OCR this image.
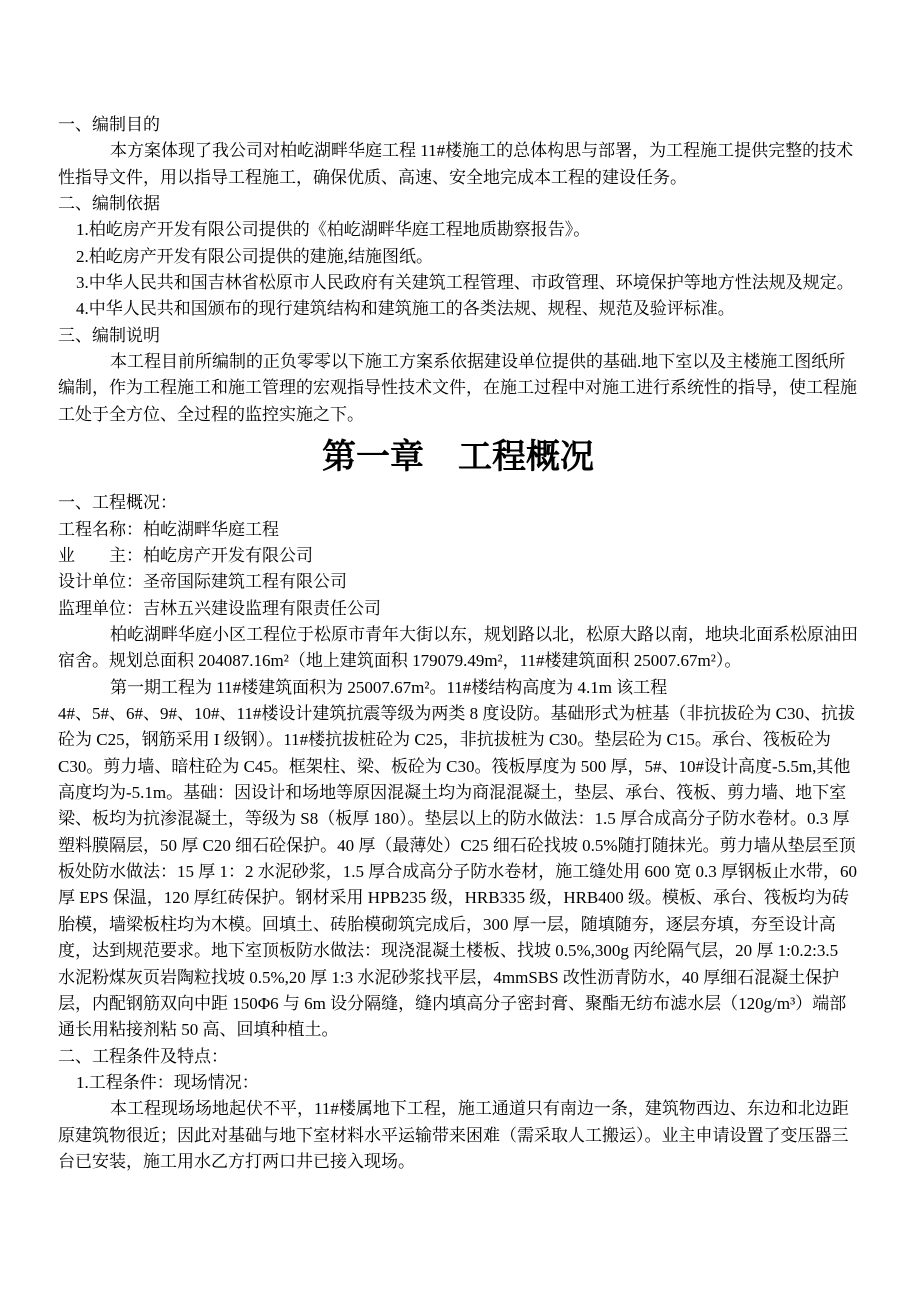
一、编制目的

本方案体现了我公司对柏屹湖畔华庭工程 11#楼施工的总体构思与部署，为工程施工提供完整的技术性指导文件，用以指导工程施工，确保优质、高速、安全地完成本工程的建设任务。

二、编制依据

1.柏屹房产开发有限公司提供的《柏屹湖畔华庭工程地质勘察报告》。

2.柏屹房产开发有限公司提供的建施,结施图纸。

3.中华人民共和国吉林省松原市人民政府有关建筑工程管理、市政管理、环境保护等地方性法规及规定。

4.中华人民共和国颁布的现行建筑结构和建筑施工的各类法规、规程、规范及验评标准。

三、编制说明

本工程目前所编制的正负零零以下施工方案系依据建设单位提供的基础.地下室以及主楼施工图纸所编制，作为工程施工和施工管理的宏观指导性技术文件，在施工过程中对施工进行系统性的指导，使工程施工处于全方位、全过程的监控实施之下。

第一章　工程概况

一、工程概况：

工程名称：柏屹湖畔华庭工程

业　　主：柏屹房产开发有限公司

设计单位：圣帝国际建筑工程有限公司

监理单位：吉林五兴建设监理有限责任公司

柏屹湖畔华庭小区工程位于松原市青年大街以东，规划路以北，松原大路以南，地块北面系松原油田宿舍。规划总面积 204087.16m²（地上建筑面积 179079.49m²，11#楼建筑面积 25007.67m²）。

第一期工程为 11#楼建筑面积为 25007.67m²。11#楼结构高度为 4.1m 该工程

4#、5#、6#、9#、10#、11#楼设计建筑抗震等级为两类 8 度设防。基础形式为桩基（非抗拔砼为 C30、抗拔砼为 C25，钢筋采用 I 级钢）。11#楼抗拔桩砼为 C25，非抗拔桩为 C30。垫层砼为 C15。承台、筏板砼为 C30。剪力墙、暗柱砼为 C45。框架柱、梁、板砼为 C30。筏板厚度为 500 厚，5#、10#设计高度-5.5m,其他高度均为-5.1m。基础：因设计和场地等原因混凝土均为商混混凝土，垫层、承台、筏板、剪力墙、地下室梁、板均为抗渗混凝土，等级为 S8（板厚 180）。垫层以上的防水做法：1.5 厚合成高分子防水卷材。0.3 厚塑料膜隔层，50 厚 C20 细石砼保护。40 厚（最薄处）C25 细石砼找坡 0.5%随打随抹光。剪力墙从垫层至顶板处防水做法：15 厚 1：2 水泥砂浆，1.5 厚合成高分子防水卷材，施工缝处用 600 宽 0.3 厚钢板止水带，60 厚 EPS 保温，120 厚红砖保护。钢材采用 HPB235 级，HRB335 级，HRB400 级。模板、承台、筏板均为砖胎模，墙梁板柱均为木模。回填土、砖胎模砌筑完成后，300 厚一层，随填随夯，逐层夯填，夯至设计高度，达到规范要求。地下室顶板防水做法：现浇混凝土楼板、找坡 0.5%,300g 丙纶隔气层，20 厚 1:0.2:3.5 水泥粉煤灰页岩陶粒找坡 0.5%,20 厚 1:3 水泥砂浆找平层，4mmSBS 改性沥青防水，40 厚细石混凝土保护层，内配钢筋双向中距 150Φ6 与 6m 设分隔缝，缝内填高分子密封膏、聚酯无纺布滤水层（120g/m³）端部通长用粘接剂粘 50 高、回填种植土。

二、工程条件及特点：

1.工程条件：现场情况：

本工程现场场地起伏不平，11#楼属地下工程，施工通道只有南边一条，建筑物西边、东边和北边距原建筑物很近；因此对基础与地下室材料水平运输带来困难（需采取人工搬运）。业主申请设置了变压器三台已安装，施工用水乙方打两口井已接入现场。
